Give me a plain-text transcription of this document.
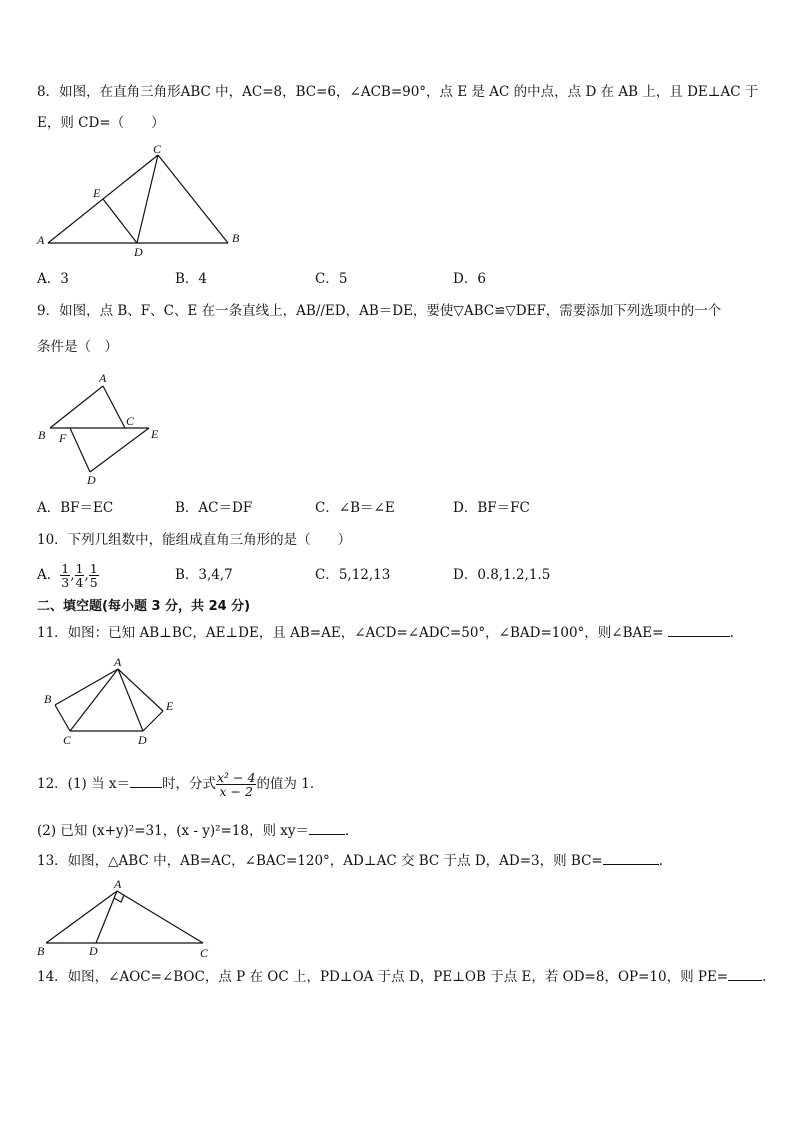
8．如图，在直角三角形ABC 中，AC=8，BC=6，∠ACB=90°，点 E 是 AC 的中点，点 D 在 AB 上，且 DE⊥AC 于
E，则 CD=（　　）
A	B
C
D
E
A．3	B．4	C．5	D．6
9．如图，点 B、F、C、E 在一条直线上，AB//ED，AB＝DE，要使▽ABC≌▽DEF，需要添加下列选项中的一个
条件是（　）
A
B
C
D
E
F
A．BF＝EC	B．AC＝DF	C．∠B＝∠E	D．BF＝FC
10．下列几组数中，能组成直角三角形的是（　　）
A． $\frac{1}{3}$ , $\frac{1}{4}$ , $\frac{1}{5}$	B．3,4,7	C．5,12,13	D．0.8,1.2,1.5
二、填空题(每小题 3 分，共 24 分)
11．如图：已知 AB⊥BC，AE⊥DE，且 AB=AE，∠ACD=∠ADC=50°，∠BAD=100°，则∠BAE=	.
A
B
C	D
E
12．(1) 当 x＝ 时，分式 $\frac{\text{x² − 4}}{x - 2}$ 的值为 1．
(2) 已知 (x+y)²=31，(x - y)²=18，则 xy＝	．
13．如图，△ABC 中，AB=AC，∠BAC=120°，AD⊥AC 交 BC 于点 D，AD=3，则 BC=	.
A
B	C
D
14．如图，∠AOC=∠BOC，点 P 在 OC 上，PD⊥OA 于点 D，PE⊥OB 于点 E，若 OD=8，OP=10，则 PE=	.
